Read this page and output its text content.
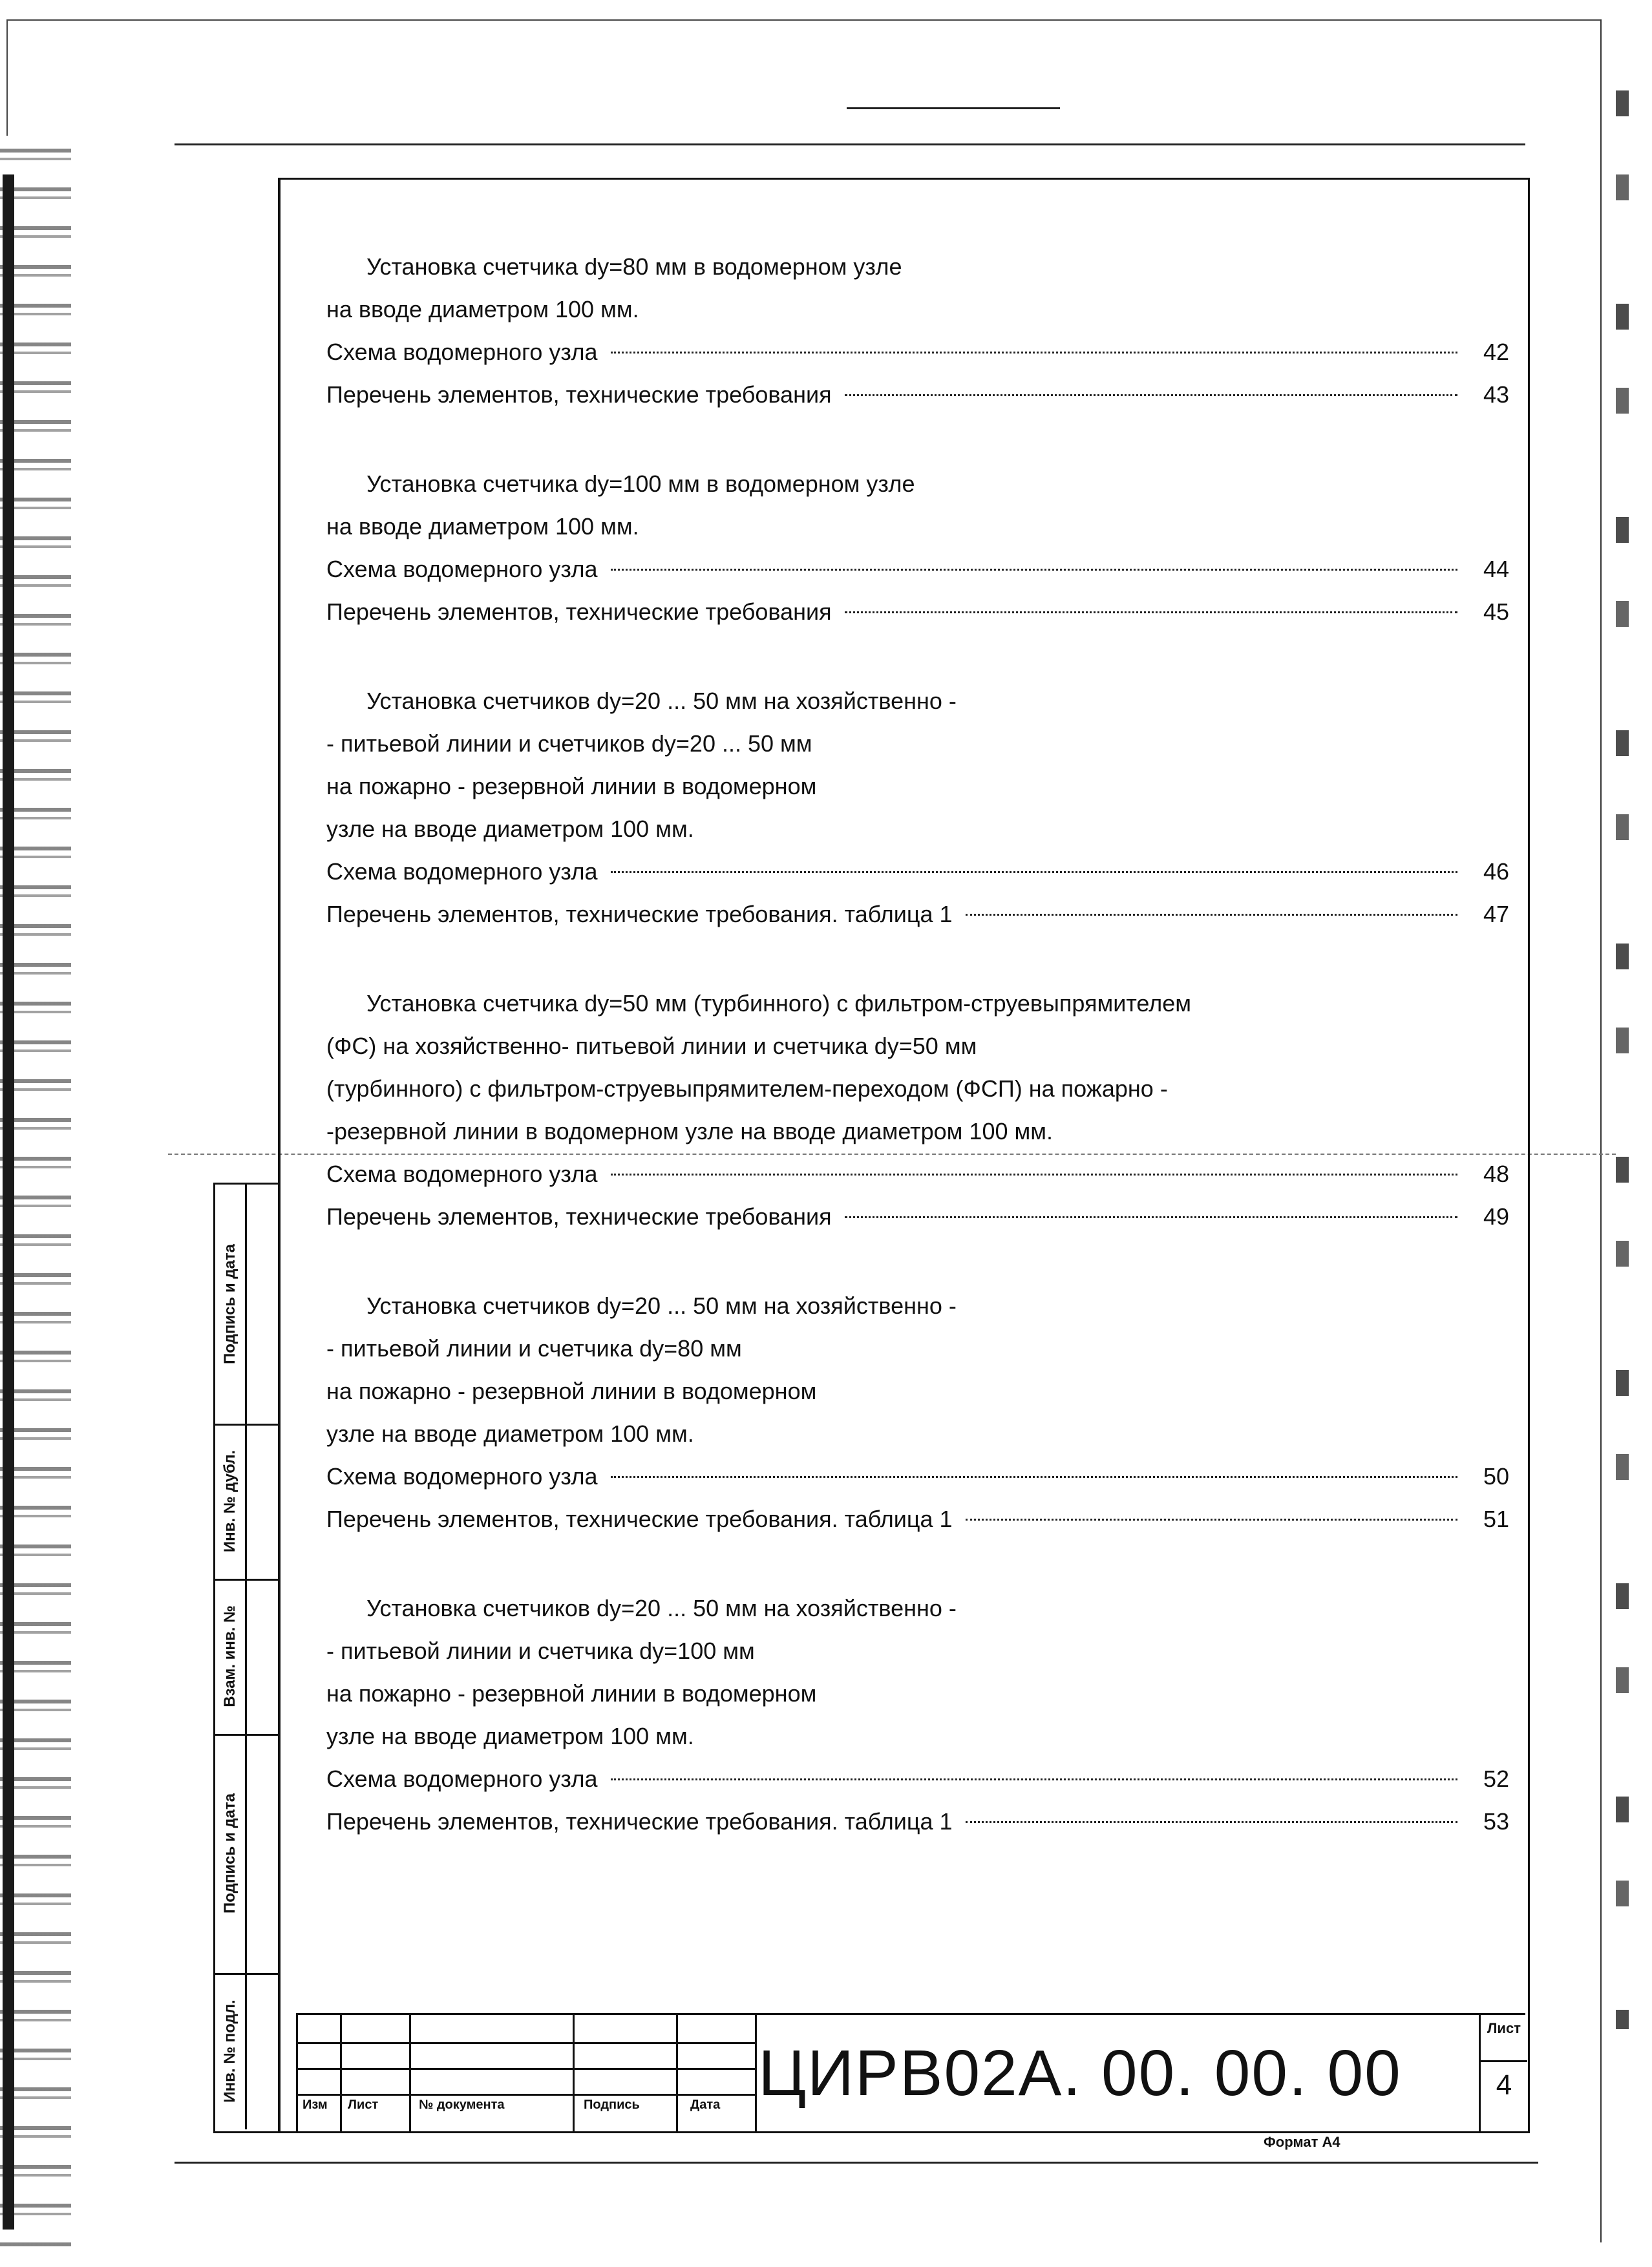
Подпись и дата
Инв. № дубл.
Взам. инв. №
Подпись и дата
Инв. № подл.
Установка счетчика dy=80 мм в водомерном узле
на вводе диаметром 100 мм.
Схема водомерного узла	42
Перечень элементов, технические требования	43
Установка счетчика dy=100 мм в водомерном узле
на вводе диаметром 100 мм.
Схема водомерного узла	44
Перечень элементов, технические требования	45
Установка счетчиков dy=20 ... 50 мм на хозяйственно -
- питьевой линии и счетчиков dy=20 ... 50 мм
на пожарно - резервной линии в водомерном
узле на вводе диаметром 100 мм.
Схема водомерного узла	46
Перечень элементов, технические требования. таблица 1	47
Установка счетчика dy=50 мм (турбинного) с фильтром-струевыпрямителем
(ФС) на хозяйственно- питьевой линии и счетчика dy=50 мм
(турбинного) с фильтром-струевыпрямителем-переходом (ФСП) на пожарно -
-резервной линии в водомерном узле на вводе диаметром 100 мм.
Схема водомерного узла	48
Перечень элементов, технические требования	49
Установка счетчиков dy=20 ... 50 мм на хозяйственно -
- питьевой линии и счетчика dy=80 мм
на пожарно - резервной линии в водомерном
узле на вводе диаметром 100 мм.
Схема водомерного узла	50
Перечень элементов, технические требования. таблица 1	51
Установка счетчиков dy=20 ... 50 мм на хозяйственно -
- питьевой линии и счетчика dy=100 мм
на пожарно - резервной линии в водомерном
узле на вводе диаметром 100 мм.
Схема водомерного узла	52
Перечень элементов, технические требования. таблица 1	53
Изм Лист	№ документа	Подпись	Дата ЦИРВ02А. 00. 00. 00
Лист
4
Формат А4
